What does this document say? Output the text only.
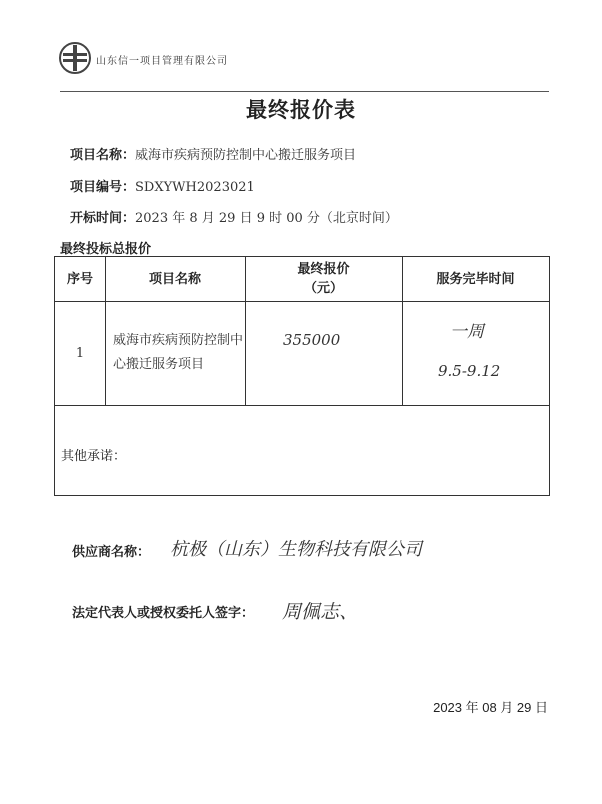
山东信一项目管理有限公司
最终报价表
项目名称：威海市疾病预防控制中心搬迁服务项目
项目编号：SDXYWH2023021
开标时间：2023 年 8 月 29 日 9 时 00 分（北京时间）
最终投标总报价
序号	项目名称
最终报价
（元）
服务完毕时间
1
威海市疾病预防控制中心搬迁服务项目
355000	一周
9.5-9.12
其他承诺：
供应商名称： 杭极（山东）生物科技有限公司
法定代表人或授权委托人签字： 周佩志、
2023 年 08 月 29 日
